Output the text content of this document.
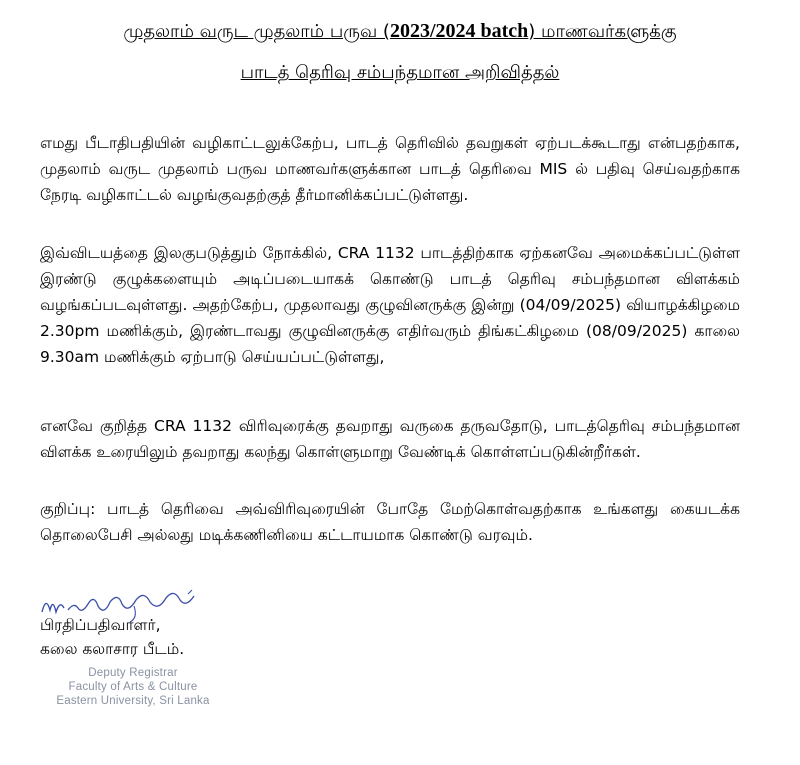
முதலாம் வருட முதலாம் பருவ (2023/2024 batch) மாணவர்களுக்கு
பாடத் தெரிவு சம்பந்தமான அறிவித்தல்

எமது பீடாதிபதியின் வழிகாட்டலுக்கேற்ப, பாடத் தெரிவில் தவறுகள் ஏற்படக்கூடாது என்பதற்காக, முதலாம் வருட முதலாம் பருவ மாணவர்களுக்கான பாடத் தெரிவை MIS ல் பதிவு செய்வதற்காக நேரடி வழிகாட்டல் வழங்குவதற்குத் தீர்மானிக்கப்பட்டுள்ளது.

இவ்விடயத்தை இலகுபடுத்தும் நோக்கில், CRA 1132 பாடத்திற்காக ஏற்கனவே அமைக்கப்பட்டுள்ள இரண்டு குழுக்களையும் அடிப்படையாகக் கொண்டு பாடத் தெரிவு சம்பந்தமான விளக்கம் வழங்கப்படவுள்ளது. அதற்கேற்ப, முதலாவது குழுவினருக்கு இன்று (04/09/2025) வியாழக்கிழமை 2.30pm மணிக்கும், இரண்டாவது குழுவினருக்கு எதிர்வரும் திங்கட்கிழமை (08/09/2025) காலை 9.30am மணிக்கும் ஏற்பாடு செய்யப்பட்டுள்ளது,

எனவே குறித்த CRA 1132 விரிவுரைக்கு தவறாது வருகை தருவதோடு, பாடத்தெரிவு சம்பந்தமான விளக்க உரையிலும் தவறாது கலந்து கொள்ளுமாறு வேண்டிக் கொள்ளப்படுகின்றீர்கள்.

குறிப்பு: பாடத் தெரிவை அவ்விரிவுரையின் போதே மேற்கொள்வதற்காக உங்களது கையடக்க தொலைபேசி அல்லது மடிக்கணினியை கட்டாயமாக கொண்டு வரவும்.

பிரதிப்பதிவாளர்,
கலை கலாசார பீடம்.
Deputy Registrar
Faculty of Arts & Culture
Eastern University, Sri Lanka
